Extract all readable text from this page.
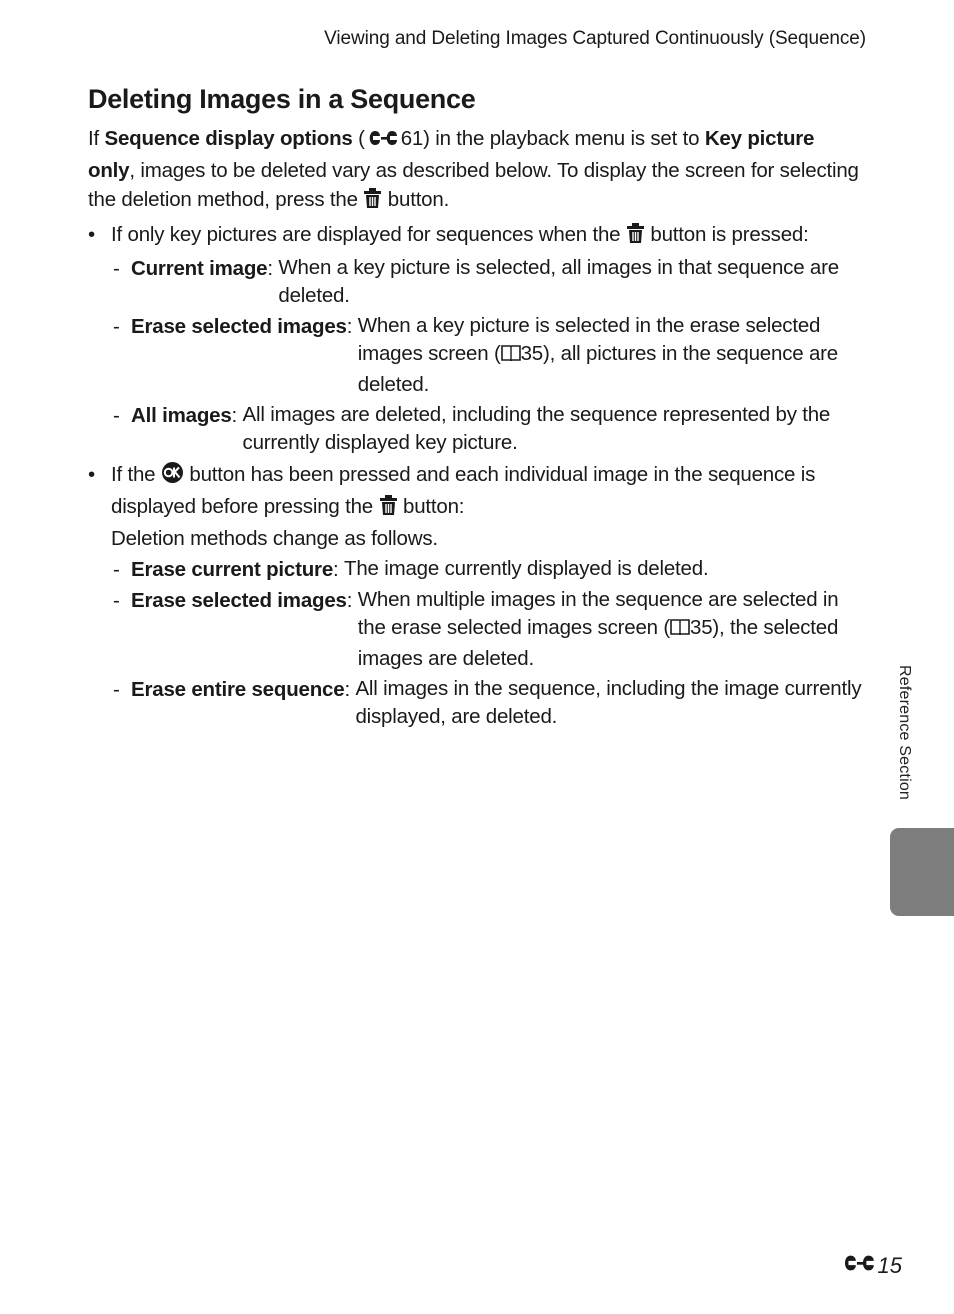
Viewing and Deleting Images Captured Continuously (Sequence)
Deleting Images in a Sequence

If Sequence display options ( 61) in the playback menu is set to Key picture only, images to be deleted vary as described below. To display the screen for selecting the deletion method, press the  button.

• If only key pictures are displayed for sequences when the  button is pressed:
- Current image: When a key picture is selected, all images in that sequence are deleted.
- Erase selected images: When a key picture is selected in the erase selected images screen ( 35), all pictures in the sequence are deleted.
- All images: All images are deleted, including the sequence represented by the currently displayed key picture.
• If the  button has been pressed and each individual image in the sequence is displayed before pressing the  button:
Deletion methods change as follows.
- Erase current picture: The image currently displayed is deleted.
- Erase selected images: When multiple images in the sequence are selected in the erase selected images screen ( 35), the selected images are deleted.
- Erase entire sequence: All images in the sequence, including the image currently displayed, are deleted.	Reference Section
15
